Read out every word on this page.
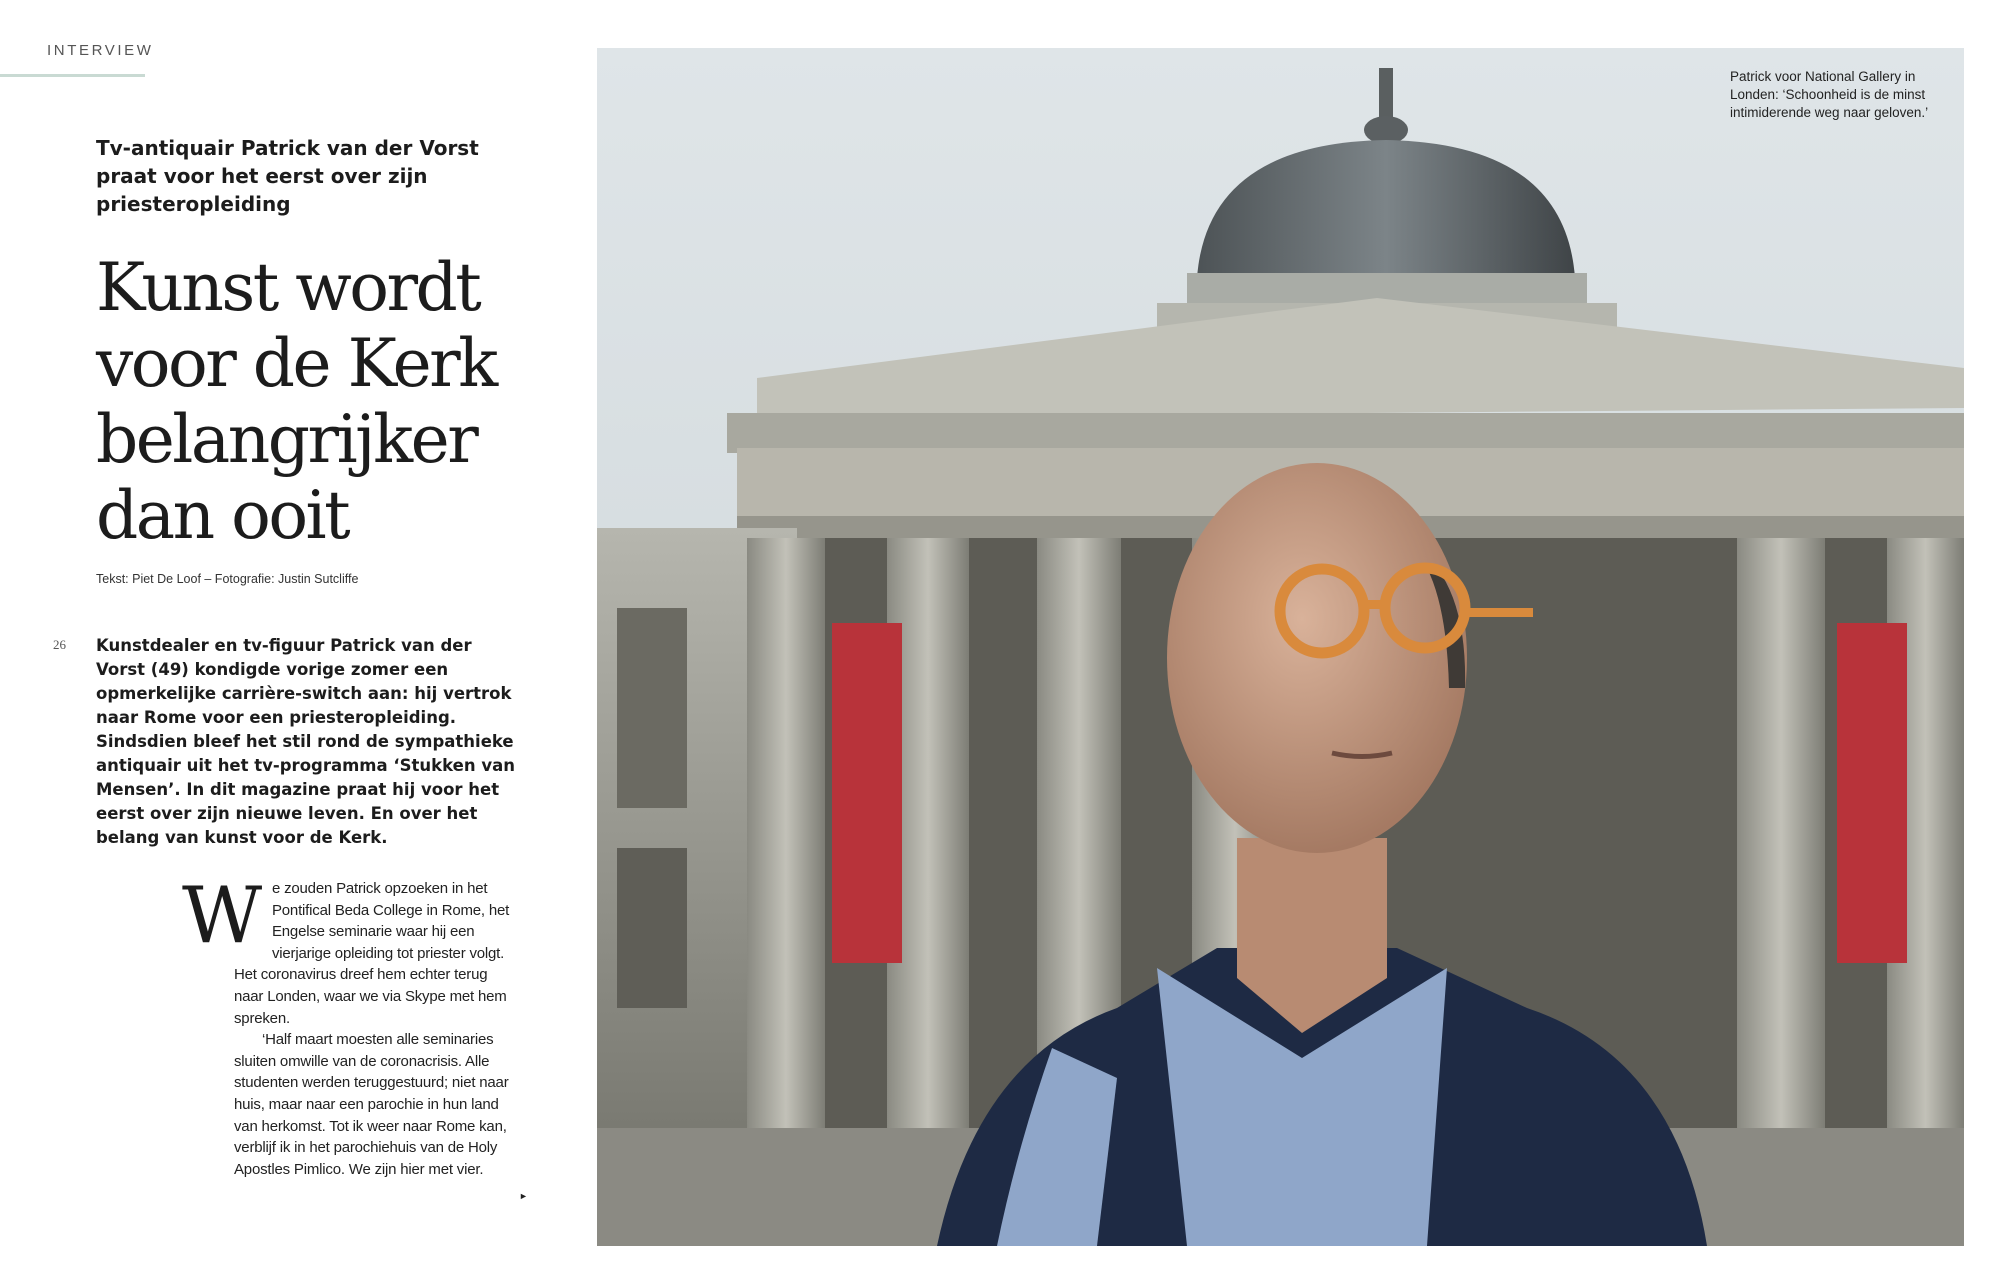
INTERVIEW
Tv-antiquair Patrick van der Vorst praat voor het eerst over zijn priesteropleiding
Kunst wordt
voor de Kerk
belangrijker
dan ooit
Tekst: Piet De Loof – Fotografie: Justin Sutcliffe
26 Kunstdealer en tv-figuur Patrick van der Vorst (49) kondigde vorige zomer een opmerkelijke carrière-switch aan: hij vertrok naar Rome voor een priesteropleiding. Sindsdien bleef het stil rond de sympathieke antiquair uit het tv-programma ‘Stukken van Mensen’. In dit magazine praat hij voor het eerst over zijn nieuwe leven. En over het belang van kunst voor de Kerk.

We zouden Patrick opzoeken in het Pontifical Beda College in Rome, het Engelse seminarie waar hij een vierjarige opleiding tot priester volgt. Het coronavirus dreef hem echter terug naar Londen, waar we via Skype met hem spreken.

‘Half maart moesten alle seminaries sluiten omwille van de coronacrisis. Alle studenten werden teruggestuurd; niet naar huis, maar naar een parochie in hun land van herkomst. Tot ik weer naar Rome kan, verblijf ik in het parochiehuis van de Holy Apostles Pimlico. We zijn hier met vier.

►
Patrick voor National Gallery in Londen: ‘Schoonheid is de minst intimiderende weg naar geloven.’
